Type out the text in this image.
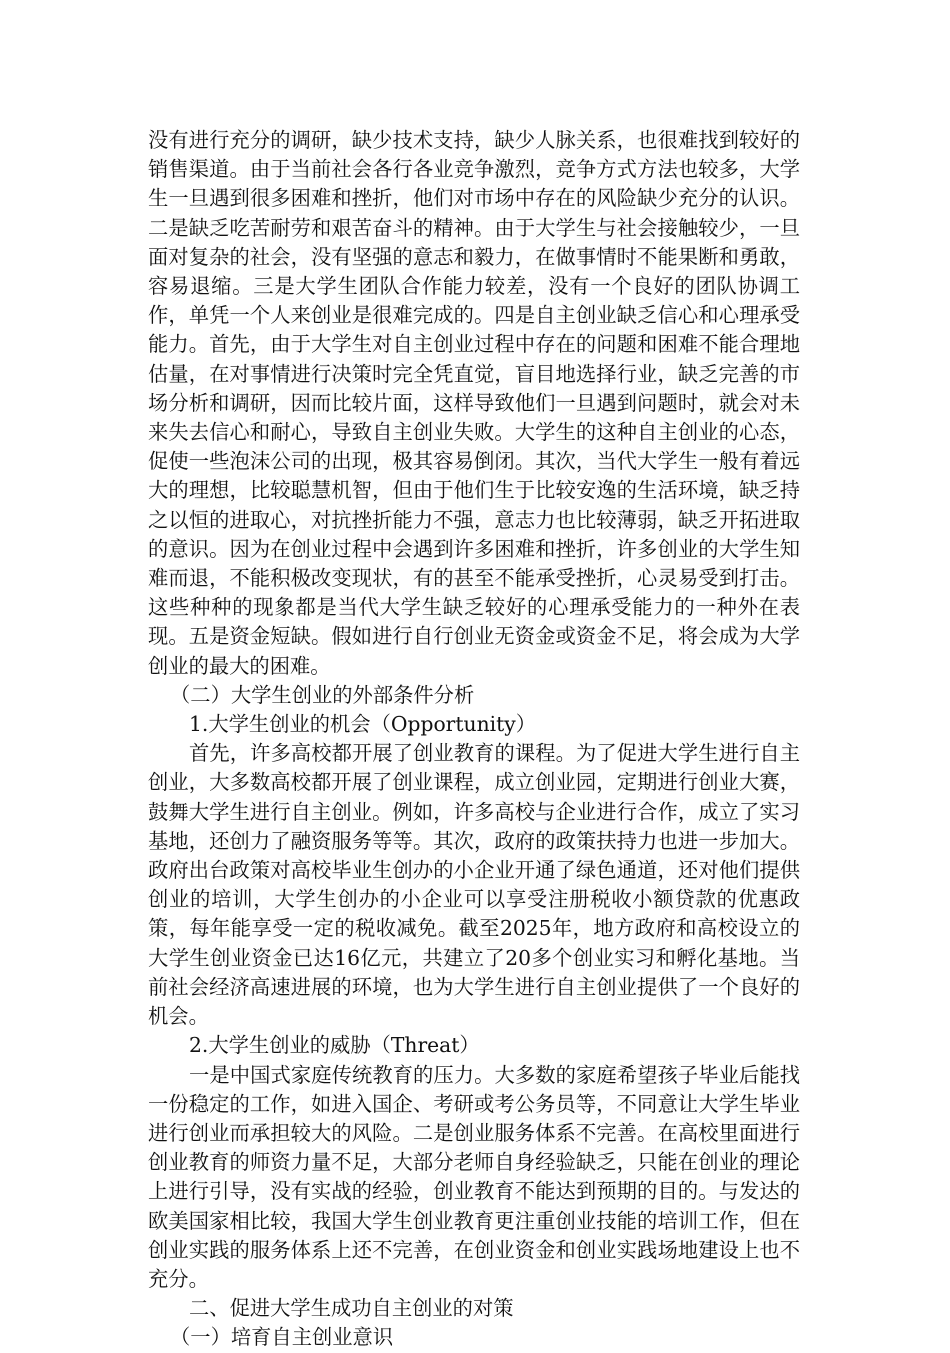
没有进行充分的调研，缺少技术支持，缺少人脉关系，也很难找到较好的销售渠道。由于当前社会各行各业竞争激烈，竞争方式方法也较多，大学生一旦遇到很多困难和挫折，他们对市场中存在的风险缺少充分的认识。二是缺乏吃苦耐劳和艰苦奋斗的精神。由于大学生与社会接触较少，一旦面对复杂的社会，没有坚强的意志和毅力，在做事情时不能果断和勇敢，容易退缩。三是大学生团队合作能力较差，没有一个良好的团队协调工作，单凭一个人来创业是很难完成的。四是自主创业缺乏信心和心理承受能力。首先，由于大学生对自主创业过程中存在的问题和困难不能合理地估量，在对事情进行决策时完全凭直觉，盲目地选择行业，缺乏完善的市场分析和调研，因而比较片面，这样导致他们一旦遇到问题时，就会对未来失去信心和耐心，导致自主创业失败。大学生的这种自主创业的心态，促使一些泡沫公司的出现，极其容易倒闭。其次，当代大学生一般有着远大的理想，比较聪慧机智，但由于他们生于比较安逸的生活环境，缺乏持之以恒的进取心，对抗挫折能力不强，意志力也比较薄弱，缺乏开拓进取的意识。因为在创业过程中会遇到许多困难和挫折，许多创业的大学生知难而退，不能积极改变现状，有的甚至不能承受挫折，心灵易受到打击。这些种种的现象都是当代大学生缺乏较好的心理承受能力的一种外在表现。五是资金短缺。假如进行自行创业无资金或资金不足，将会成为大学创业的最大的困难。

（二）大学生创业的外部条件分析

1.大学生创业的机会（Opportunity）

首先，许多高校都开展了创业教育的课程。为了促进大学生进行自主创业，大多数高校都开展了创业课程，成立创业园，定期进行创业大赛，鼓舞大学生进行自主创业。例如，许多高校与企业进行合作，成立了实习基地，还创力了融资服务等等。其次，政府的政策扶持力也进一步加大。政府出台政策对高校毕业生创办的小企业开通了绿色通道，还对他们提供创业的培训，大学生创办的小企业可以享受注册税收小额贷款的优惠政策，每年能享受一定的税收减免。截至2025年，地方政府和高校设立的大学生创业资金已达16亿元，共建立了20多个创业实习和孵化基地。当前社会经济高速进展的环境，也为大学生进行自主创业提供了一个良好的机会。

2.大学生创业的威胁（Threat）

一是中国式家庭传统教育的压力。大多数的家庭希望孩子毕业后能找一份稳定的工作，如进入国企、考研或考公务员等，不同意让大学生毕业进行创业而承担较大的风险。二是创业服务体系不完善。在高校里面进行创业教育的师资力量不足，大部分老师自身经验缺乏，只能在创业的理论上进行引导，没有实战的经验，创业教育不能达到预期的目的。与发达的欧美国家相比较，我国大学生创业教育更注重创业技能的培训工作，但在创业实践的服务体系上还不完善，在创业资金和创业实践场地建设上也不充分。

二、促进大学生成功自主创业的对策

（一）培育自主创业意识
